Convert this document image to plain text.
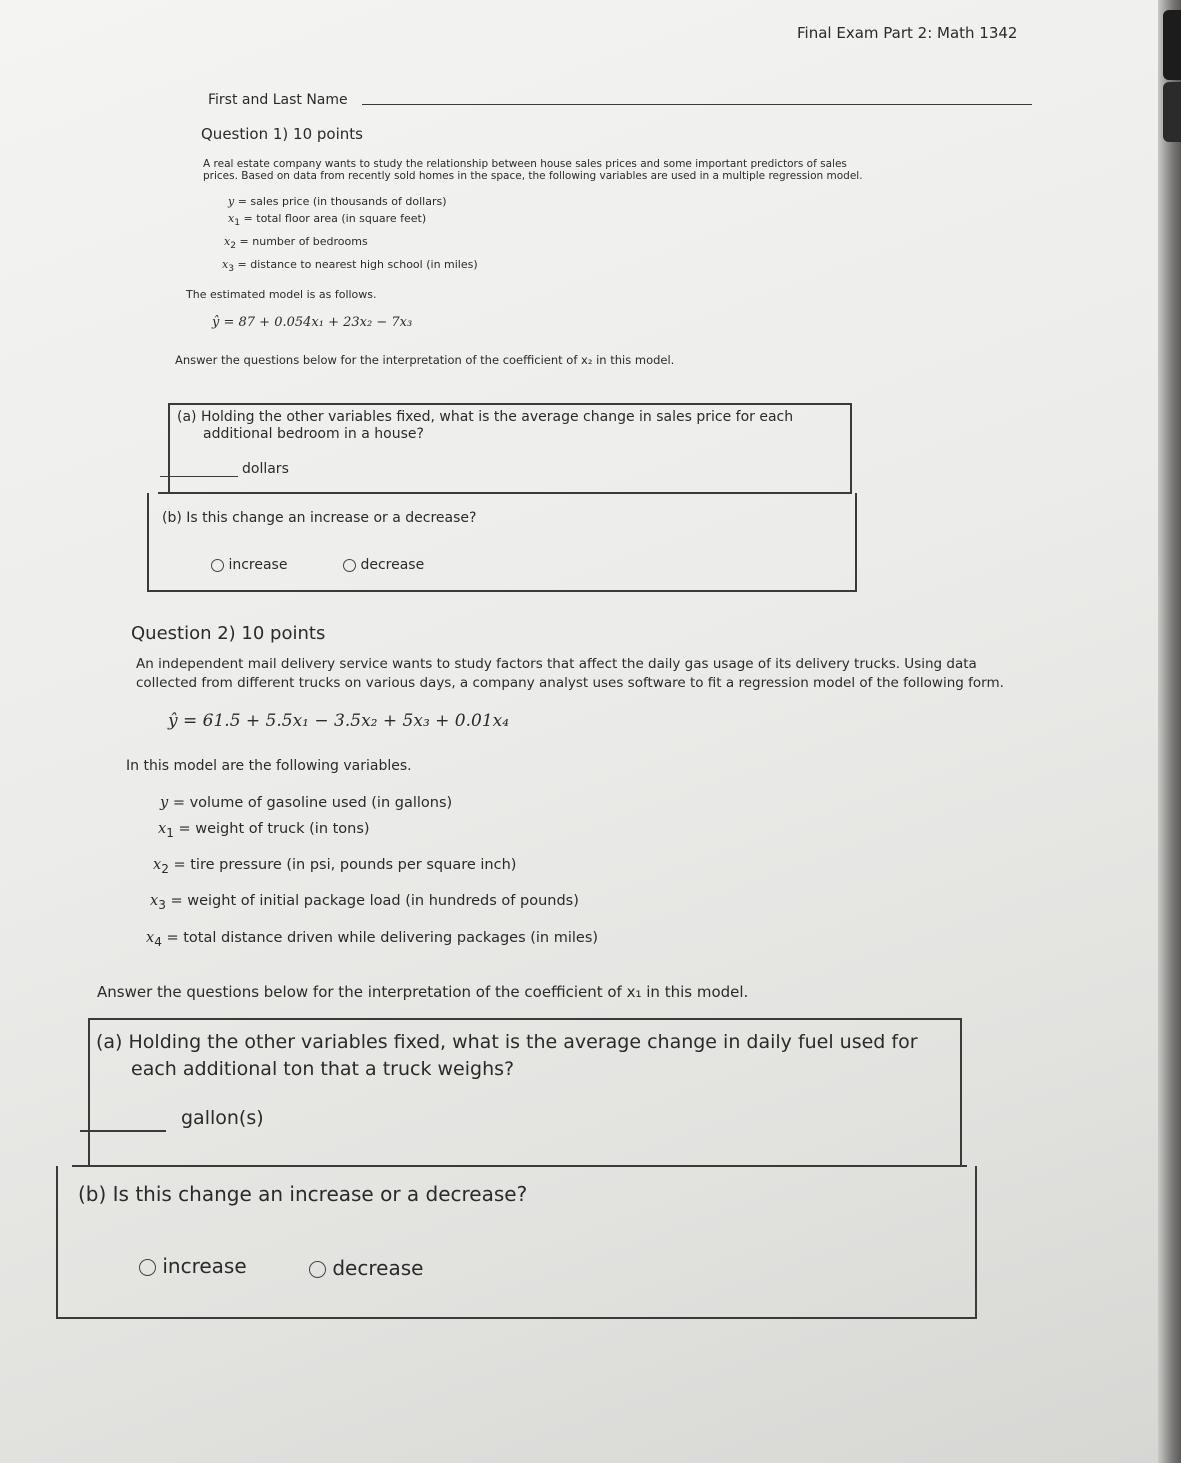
Final Exam Part 2: Math 1342
First and Last Name
Question 1) 10 points
A real estate company wants to study the relationship between house sales prices and some important predictors of sales
prices. Based on data from recently sold homes in the space, the following variables are used in a multiple regression model.
y = sales price (in thousands of dollars)
$x_1$ = total floor area (in square feet)
$x_2$ = number of bedrooms
$x_3$ = distance to nearest high school (in miles)
The estimated model is as follows.
ŷ = 87 + 0.054x₁ + 23x₂ − 7x₃
Answer the questions below for the interpretation of the coefficient of x₂ in this model.
(a) Holding the other variables fixed, what is the average change in sales price for each
additional bedroom in a house?
dollars
(b) Is this change an increase or a decrease?
increase	decrease
Question 2) 10 points
An independent mail delivery service wants to study factors that affect the daily gas usage of its delivery trucks. Using data
collected from different trucks on various days, a company analyst uses software to fit a regression model of the following form.
ŷ = 61.5 + 5.5x₁ − 3.5x₂ + 5x₃ + 0.01x₄
In this model are the following variables.
y = volume of gasoline used (in gallons)
$x_1$ = weight of truck (in tons)
$x_2$ = tire pressure (in psi, pounds per square inch)
$x_3$ = weight of initial package load (in hundreds of pounds)
$x_4$ = total distance driven while delivering packages (in miles)
Answer the questions below for the interpretation of the coefficient of x₁ in this model.
(a) Holding the other variables fixed, what is the average change in daily fuel used for
each additional ton that a truck weighs?
gallon(s)
(b) Is this change an increase or a decrease?
increase	decrease
